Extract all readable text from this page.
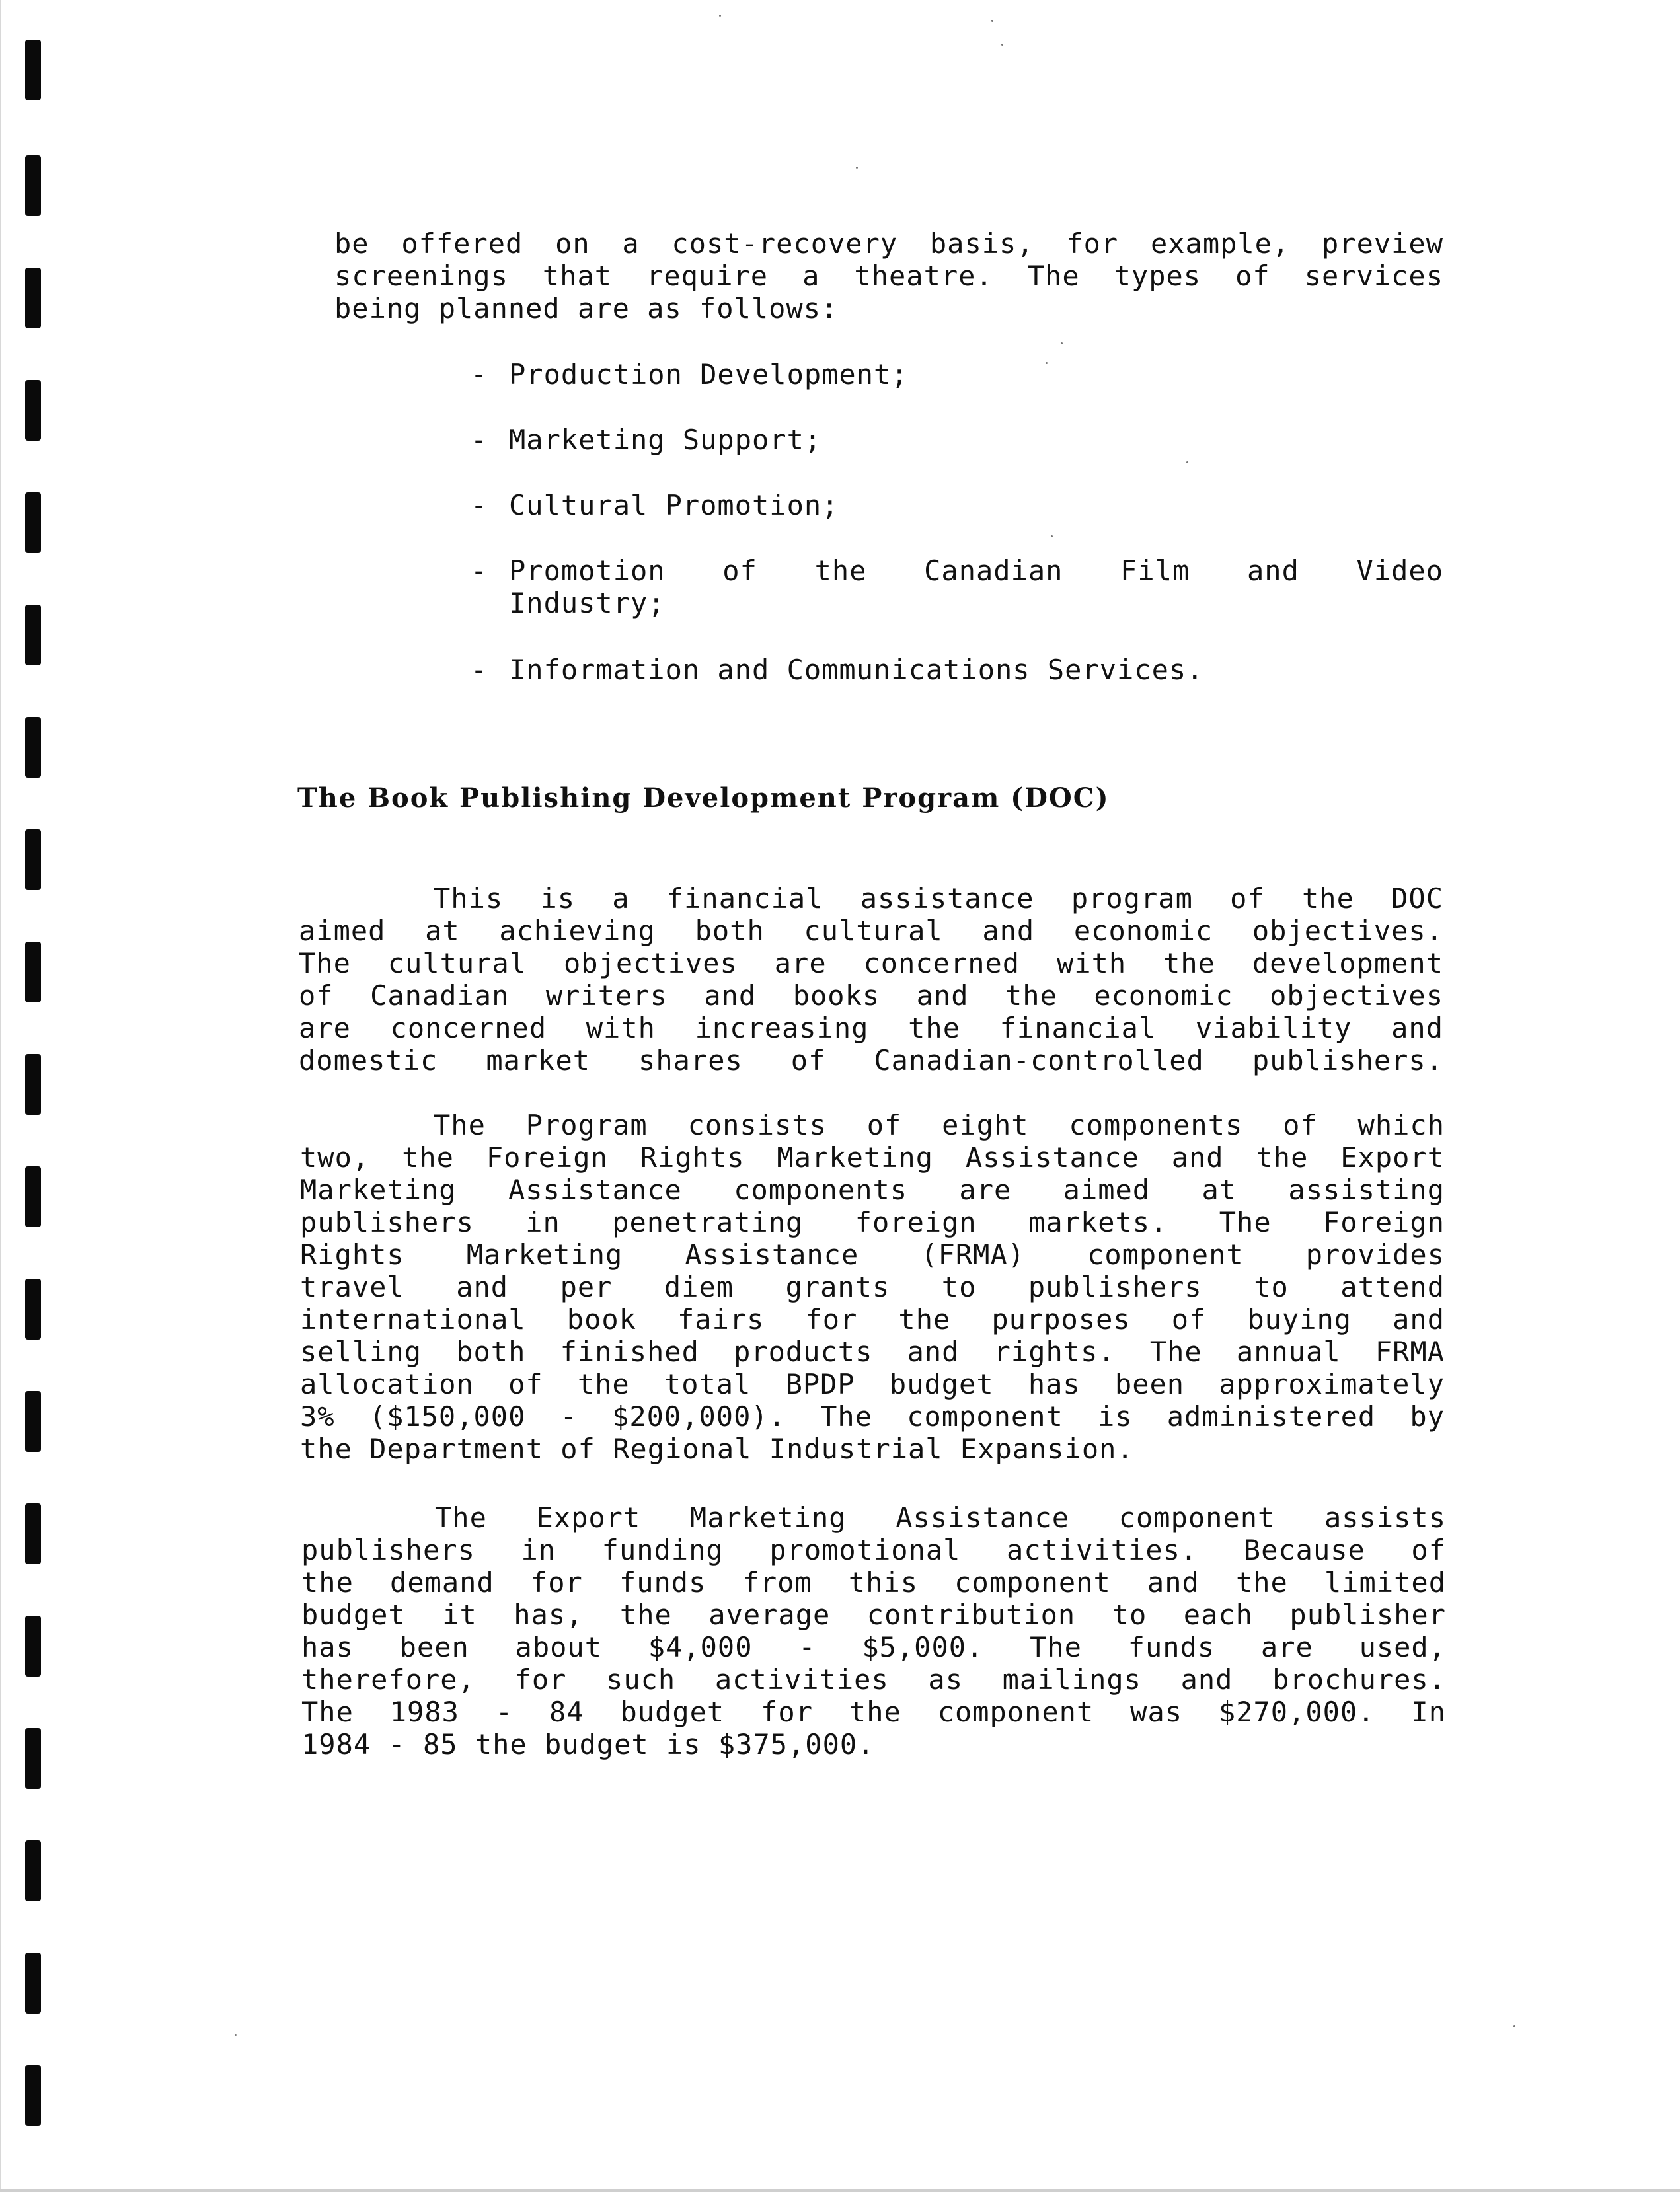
be offered on a cost-recovery basis, for example, preview

screenings that require a theatre. The types of services

being planned are as follows:

- Production Development;

- Marketing Support;

- Cultural Promotion;

- Promotion of the Canadian Film and Video

Industry;

- Information and Communications Services.

The Book Publishing Development Program (DOC)

This is a financial assistance program of the DOC

aimed at achieving both cultural and economic objectives.

The cultural objectives are concerned with the development

of Canadian writers and books and the economic objectives

are concerned with increasing the financial viability and

domestic market shares of Canadian-controlled publishers.

The Program consists of eight components of which

two, the Foreign Rights Marketing Assistance and the Export

Marketing Assistance components are aimed at assisting

publishers in penetrating foreign markets. The Foreign

Rights Marketing Assistance (FRMA) component provides

travel and per diem grants to publishers to attend

international book fairs for the purposes of buying and

selling both finished products and rights. The annual FRMA

allocation of the total BPDP budget has been approximately

3% ($150,000 - $200,000). The component is administered by

the Department of Regional Industrial Expansion.

The Export Marketing Assistance component assists

publishers in funding promotional activities. Because of

the demand for funds from this component and the limited

budget it has, the average contribution to each publisher

has been about $4,000 - $5,000. The funds are used,

therefore, for such activities as mailings and brochures.

The 1983 - 84 budget for the component was $270,000. In

1984 - 85 the budget is $375,000.
